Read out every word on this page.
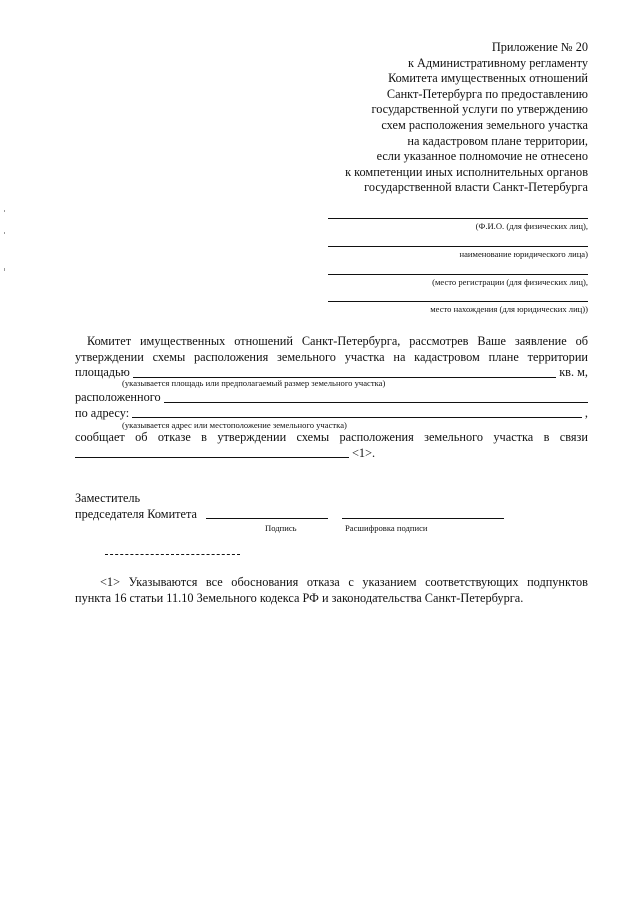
Приложение № 20
к Административному регламенту
Комитета имущественных отношений
Санкт-Петербурга по предоставлению
государственной услуги по утверждению
схем расположения земельного участка
на кадастровом плане территории,
если указанное полномочие не отнесено
к компетенции иных исполнительных органов
государственной власти Санкт-Петербурга
(Ф.И.О. (для физических лиц),
наименование юридического лица)
(место регистрации (для физических лиц),
место нахождения (для юридических лиц))
Комитет имущественных отношений Санкт-Петербурга, рассмотрев Ваше заявление об
утверждении схемы расположения земельного участка на кадастровом плане территории
площадью	кв. м,
(указывается площадь или предполагаемый размер земельного участка)
расположенного
по адресу:	,
(указывается адрес или местоположение земельного участка)
сообщает об отказе в утверждении схемы расположения земельного участка в связи
<1>.
Заместитель
председателя Комитета
Подпись	Расшифровка подписи
<1> Указываются все обоснования отказа с указанием соответствующих подпунктов
пункта 16 статьи 11.10 Земельного кодекса РФ и законодательства Санкт-Петербурга.
